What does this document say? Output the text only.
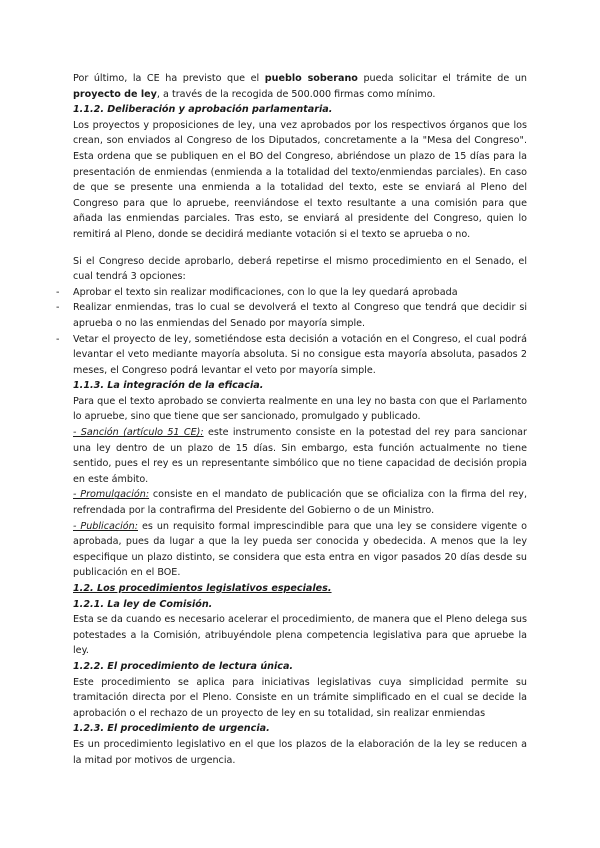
Por último, la CE ha previsto que el pueblo soberano pueda solicitar el trámite de un proyecto de ley, a través de la recogida de 500.000 firmas como mínimo.

1.1.2. Deliberación y aprobación parlamentaria.

Los proyectos y proposiciones de ley, una vez aprobados por los respectivos órganos que los crean, son enviados al Congreso de los Diputados, concretamente a la "Mesa del Congreso". Esta ordena que se publiquen en el BO del Congreso, abriéndose un plazo de 15 días para la presentación de enmiendas (enmienda a la totalidad del texto/enmiendas parciales). En caso de que se presente una enmienda a la totalidad del texto, este se enviará al Pleno del Congreso para que lo apruebe, reenviándose el texto resultante a una comisión para que añada las enmiendas parciales. Tras esto, se enviará al presidente del Congreso, quien lo remitirá al Pleno, donde se decidirá mediante votación si el texto se aprueba o no.

Si el Congreso decide aprobarlo, deberá repetirse el mismo procedimiento en el Senado, el cual tendrá 3 opciones:

- Aprobar el texto sin realizar modificaciones, con lo que la ley quedará aprobada
- Realizar enmiendas, tras lo cual se devolverá el texto al Congreso que tendrá que decidir si aprueba o no las enmiendas del Senado por mayoría simple.
- Vetar el proyecto de ley, sometiéndose esta decisión a votación en el Congreso, el cual podrá levantar el veto mediante mayoría absoluta. Si no consigue esta mayoría absoluta, pasados 2 meses, el Congreso podrá levantar el veto por mayoría simple.

1.1.3. La integración de la eficacia.

Para que el texto aprobado se convierta realmente en una ley no basta con que el Parlamento lo apruebe, sino que tiene que ser sancionado, promulgado y publicado.

- Sanción (artículo 51 CE): este instrumento consiste en la potestad del rey para sancionar una ley dentro de un plazo de 15 días. Sin embargo, esta función actualmente no tiene sentido, pues el rey es un representante simbólico que no tiene capacidad de decisión propia en este ámbito.

- Promulgación: consiste en el mandato de publicación que se oficializa con la firma del rey, refrendada por la contrafirma del Presidente del Gobierno o de un Ministro.

- Publicación: es un requisito formal imprescindible para que una ley se considere vigente o aprobada, pues da lugar a que la ley pueda ser conocida y obedecida. A menos que la ley especifique un plazo distinto, se considera que esta entra en vigor pasados 20 días desde su publicación en el BOE.

1.2. Los procedimientos legislativos especiales.

1.2.1. La ley de Comisión.

Esta se da cuando es necesario acelerar el procedimiento, de manera que el Pleno delega sus potestades a la Comisión, atribuyéndole plena competencia legislativa para que apruebe la ley.

1.2.2. El procedimiento de lectura única.

Este procedimiento se aplica para iniciativas legislativas cuya simplicidad permite su tramitación directa por el Pleno. Consiste en un trámite simplificado en el cual se decide la aprobación o el rechazo de un proyecto de ley en su totalidad, sin realizar enmiendas

1.2.3. El procedimiento de urgencia.

Es un procedimiento legislativo en el que los plazos de la elaboración de la ley se reducen a la mitad por motivos de urgencia.
